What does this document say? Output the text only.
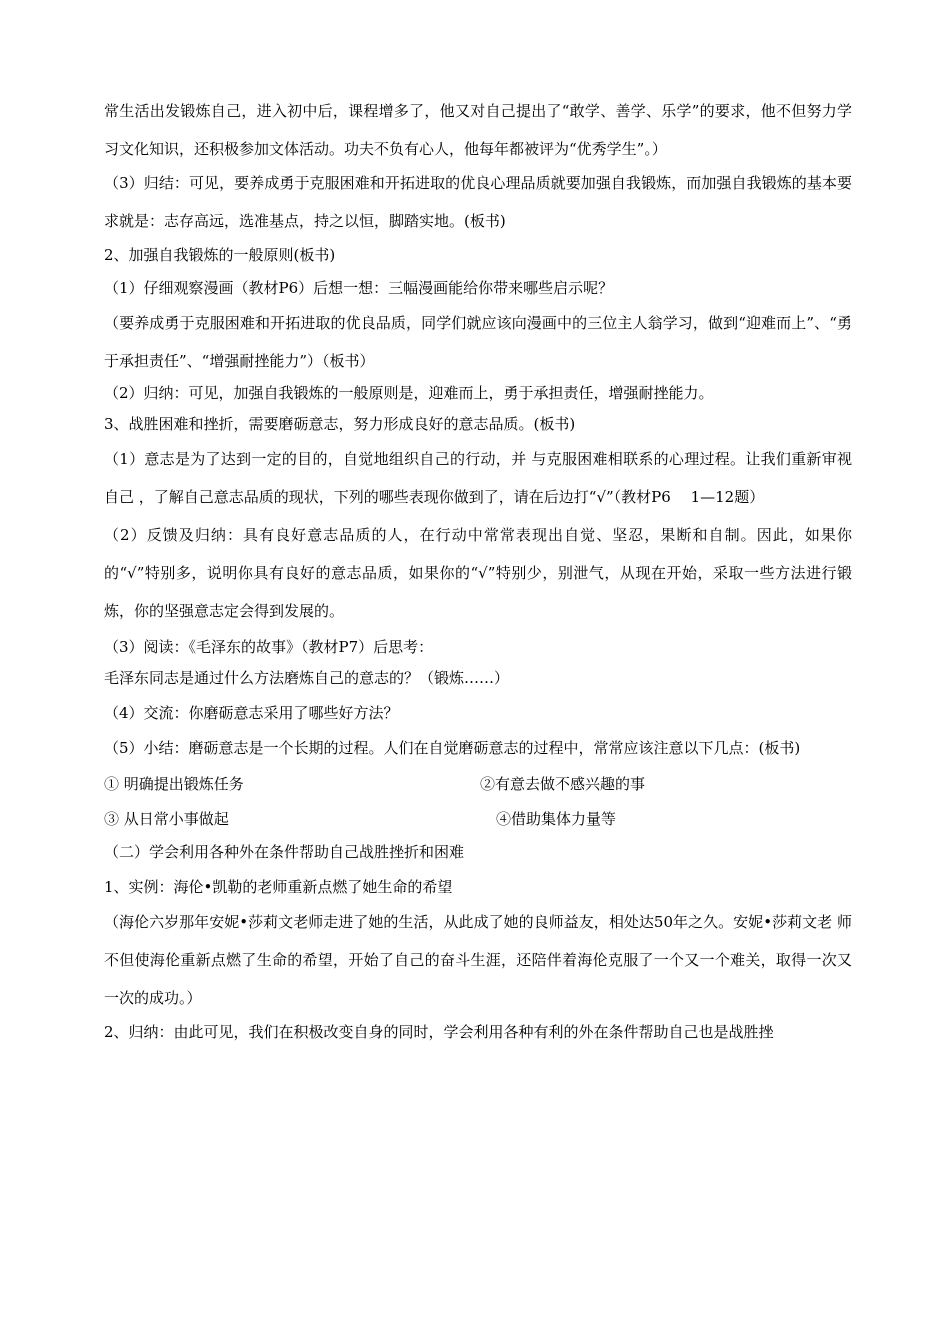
常生活出发锻炼自己，进入初中后，课程增多了，他又对自己提出了“敢学、善学、乐学”的要求，他不但努力学习文化知识，还积极参加文体活动。功夫不负有心人，他每年都被评为“优秀学生”。）

（3）归结：可见，要养成勇于克服困难和开拓进取的优良心理品质就要加强自我锻炼，而加强自我锻炼的基本要求就是：志存高远，选准基点，持之以恒，脚踏实地。(板书)

2、加强自我锻炼的一般原则(板书)

（1）仔细观察漫画（教材P6）后想一想：三幅漫画能给你带来哪些启示呢？

（要养成勇于克服困难和开拓进取的优良品质，同学们就应该向漫画中的三位主人翁学习，做到“迎难而上”、“勇于承担责任”、“增强耐挫能力”）（板书）

（2）归纳：可见，加强自我锻炼的一般原则是，迎难而上，勇于承担责任，增强耐挫能力。

3、战胜困难和挫折，需要磨砺意志，努力形成良好的意志品质。(板书)

（1）意志是为了达到一定的目的，自觉地组织自己的行动，并 与克服困难相联系的心理过程。让我们重新审视自己 ，了解自己意志品质的现状，下列的哪些表现你做到了，请在后边打“√”（教材P6　 1—12题）

（2）反馈及归纳：具有良好意志品质的人，在行动中常常表现出自觉、坚忍，果断和自制。因此，如果你的“√”特别多，说明你具有良好的意志品质，如果你的“√”特别少，别泄气，从现在开始，采取一些方法进行锻炼，你的坚强意志定会得到发展的。

（3）阅读：《毛泽东的故事》（教材P7）后思考：

毛泽东同志是通过什么方法磨炼自己的意志的？（锻炼……）

（4）交流：你磨砺意志采用了哪些好方法？

（5）小结：磨砺意志是一个长期的过程。人们在自觉磨砺意志的过程中，常常应该注意以下几点：(板书)

① 明确提出锻炼任务	②有意去做不感兴趣的事
③ 从日常小事做起	④借助集体力量等

（二）学会利用各种外在条件帮助自己战胜挫折和困难

1、实例：海伦•凯勒的老师重新点燃了她生命的希望

（海伦六岁那年安妮•莎莉文老师走进了她的生活，从此成了她的良师益友，相处达50年之久。安妮•莎莉文老 师不但使海伦重新点燃了生命的希望，开始了自己的奋斗生涯，还陪伴着海伦克服了一个又一个难关，取得一次又一次的成功。）

2、归纳：由此可见，我们在积极改变自身的同时，学会利用各种有利的外在条件帮助自己也是战胜挫
